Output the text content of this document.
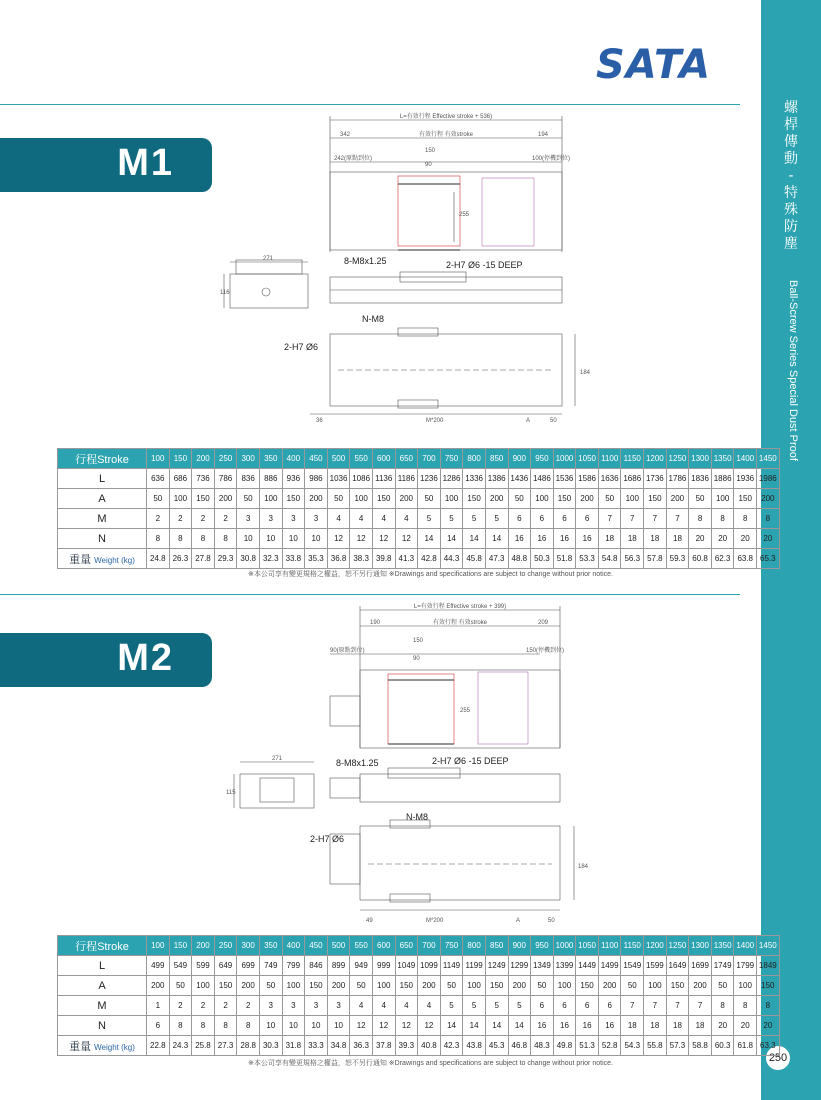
螺
桿
傳
動
-
特
殊
防
塵
Ball-Screw Series Special Dust Proof
250
SATA
M1
M2
L=有效行程 Effective stroke + 536)
342	有效行程 有效stroke	194
242(原點到位)	100(停機到位)
150
90
255
271
116
8-M8x1.25	2-H7 Ø6 -15 DEEP
N-M8
2-H7 Ø6
36	M*200	A	50
184
行程Stroke	100	150	200	250	300	350	400	450	500	550	600	650	700	750	800	850	900	950	1000	1050	1100	1150	1200	1250	1300	1350	1400	1450
L	636	686	736	786	836	886	936	986	1036	1086	1136	1186	1236	1286	1336	1386	1436	1486	1536	1586	1636	1686	1736	1786	1836	1886	1936	1986
A	50	100	150	200	50	100	150	200	50	100	150	200	50	100	150	200	50	100	150	200	50	100	150	200	50	100	150	200
M	2	2	2	2	3	3	3	3	4	4	4	4	5	5	5	5	6	6	6	6	7	7	7	7	8	8	8	8
N	8	8	8	8	10	10	10	10	12	12	12	12	14	14	14	14	16	16	16	16	18	18	18	18	20	20	20	20
重量 Weight (kg)	24.8	26.3	27.8	29.3	30.8	32.3	33.8	35.3	36.8	38.3	39.8	41.3	42.8	44.3	45.8	47.3	48.8	50.3	51.8	53.3	54.8	56.3	57.8	59.3	60.8	62.3	63.8	65.3
※本公司享有變更規格之權益，恕不另行通知 ※Drawings and specifications are subject to change without prior notice.
L=有效行程 Effective stroke + 399)
190	有效行程 有效stroke	209
90(原點到位)	150(停機到位)
150
90
255
271
115
8-M8x1.25	2-H7 Ø6 -15 DEEP
N-M8
2-H7 Ø6
49	M*200	A	50
184
行程Stroke	100	150	200	250	300	350	400	450	500	550	600	650	700	750	800	850	900	950	1000	1050	1100	1150	1200	1250	1300	1350	1400	1450
L	499	549	599	649	699	749	799	846	899	949	999	1049	1099	1149	1199	1249	1299	1349	1399	1449	1499	1549	1599	1649	1699	1749	1799	1849
A	200	50	100	150	200	50	100	150	200	50	100	150	200	50	100	150	200	50	100	150	200	50	100	150	200	50	100	150
M	1	2	2	2	2	3	3	3	3	4	4	4	4	5	5	5	5	6	6	6	6	7	7	7	7	8	8	8
N	6	8	8	8	8	10	10	10	10	12	12	12	12	14	14	14	14	16	16	16	16	18	18	18	18	20	20	20
重量 Weight (kg)	22.8	24.3	25.8	27.3	28.8	30.3	31.8	33.3	34.8	36.3	37.8	39.3	40.8	42.3	43.8	45.3	46.8	48.3	49.8	51.3	52.8	54.3	55.8	57.3	58.8	60.3	61.8	63.3
※本公司享有變更規格之權益，恕不另行通知 ※Drawings and specifications are subject to change without prior notice.
